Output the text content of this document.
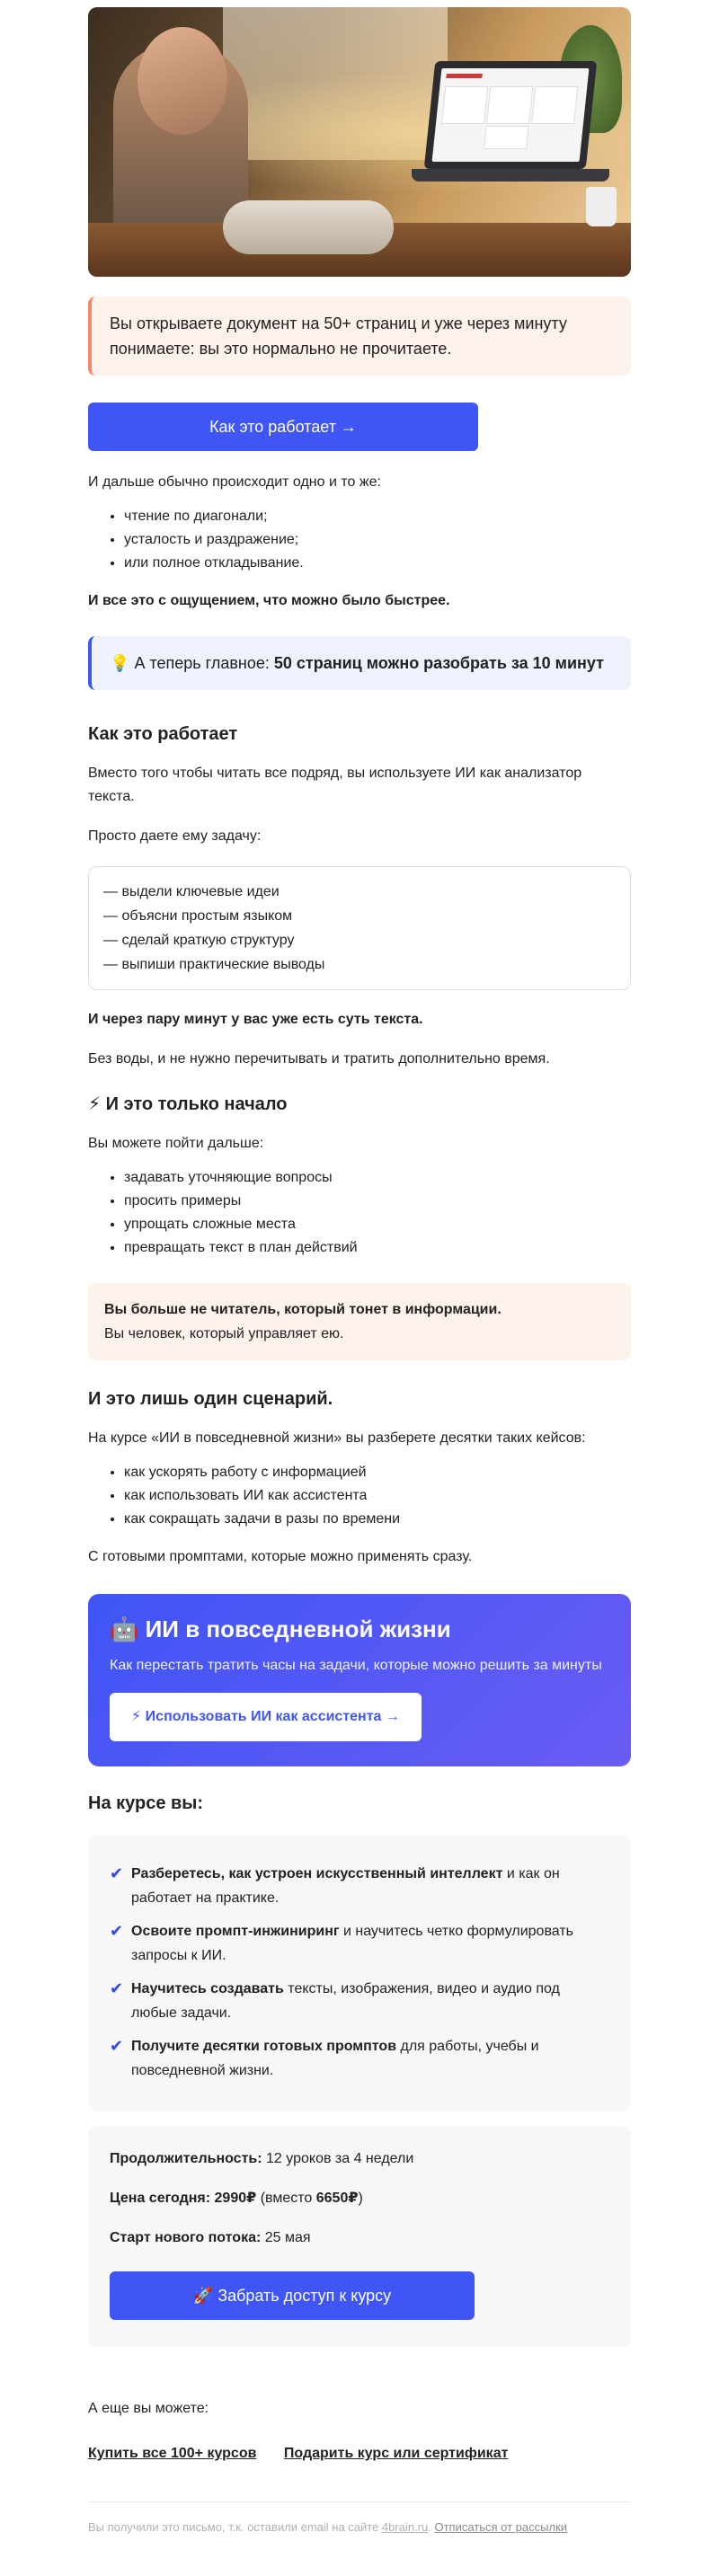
Вы открываете документ на 50+ страниц и уже через минуту понимаете: вы это нормально не прочитаете.
Как это работает →

И дальше обычно происходит одно и то же:

• чтение по диагонали;
• усталость и раздражение;
• или полное откладывание.

И все это с ощущением, что можно было быстрее.

💡 А теперь главное: 50 страниц можно разобрать за 10 минут
Как это работает

Вместо того чтобы читать все подряд, вы используете ИИ как анализатор текста.

Просто даете ему задачу:

— выдели ключевые идеи
— объясни простым языком
— сделай краткую структуру
— выпиши практические выводы

И через пару минут у вас уже есть суть текста.

Без воды, и не нужно перечитывать и тратить дополнительно время.

⚡ И это только начало

Вы можете пойти дальше:

• задавать уточняющие вопросы
• просить примеры
• упрощать сложные места
• превращать текст в план действий
Вы больше не читатель, который тонет в информации.
Вы человек, который управляет ею.
И это лишь один сценарий.

На курсе «ИИ в повседневной жизни» вы разберете десятки таких кейсов:

• как ускорять работу с информацией
• как использовать ИИ как ассистента
• как сокращать задачи в разы по времени

С готовыми промптами, которые можно применять сразу.

🤖 ИИ в повседневной жизни

Как перестать тратить часы на задачи, которые можно решить за минуты

⚡ Использовать ИИ как ассистента →
На курсе вы:
✔ Разберетесь, как устроен искусственный интеллект и как он работает на практике.
✔ Освоите промпт-инжиниринг и научитесь четко формулировать запросы к ИИ.
✔ Научитесь создавать тексты, изображения, видео и аудио под любые задачи.
✔ Получите десятки готовых промптов для работы, учебы и повседневной жизни.

Продолжительность: 12 уроков за 4 недели

Цена сегодня: 2990₽ (вместо 6650₽)

Старт нового потока: 25 мая

🚀 Забрать доступ к курсу

А еще вы можете:

Купить все 100+ курсов Подарить курс или сертификат
Вы получили это письмо, т.к. оставили email на сайте 4brain.ru. Отписаться от рассылки
